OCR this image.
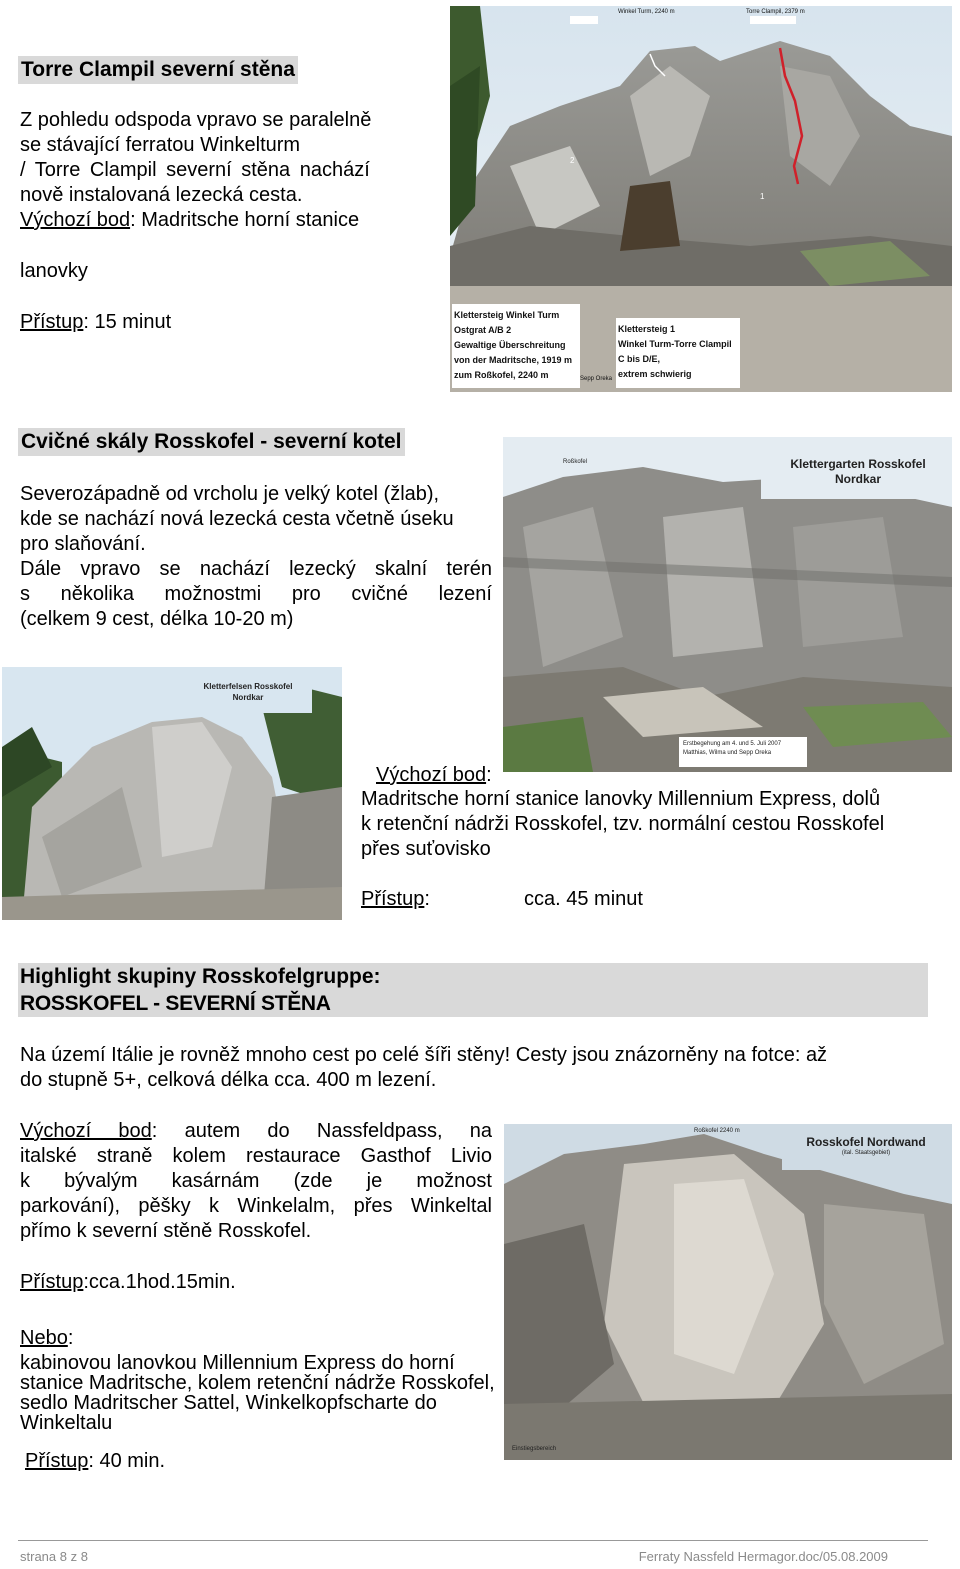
Torre Clampil severní stěna
Z pohledu odspoda vpravo se paralelně
se stávající ferratou Winkelturm
/ Torre Clampil severní stěna nachází
nově instalovaná lezecká cesta.
Výchozí bod: Madritsche horní stanice
lanovky
Přístup: 15 minut
Winkel Turm, 2240 m	Torre Clampil, 2379 m
2
1
Klettersteig Winkel Turm
Ostgrat A/B 2
Gewaltige Überschreitung
von der Madritsche, 1919 m
zum Roßkofel, 2240 m
Klettersteig 1
Winkel Turm-Torre Clampil
C bis D/E,
extrem schwierig
Sepp Oreka
Cvičné skály Rosskofel - severní kotel
Severozápadně od vrcholu je velký kotel (žlab),
kde se nachází nová lezecká cesta včetně úseku
pro slaňování.
Dále vpravo se nachází lezecký skalní terén
s několika možnostmi pro cvičné lezení
(celkem 9 cest, délka 10-20 m)
Klettergarten Rosskofel
Nordkar
Roßkofel
Erstbegehung am 4. und 5. Juli 2007
Matthias, Wilma und Sepp Oreka
Kletterfelsen Rosskofel
Nordkar
Výchozí bod:
Madritsche horní stanice lanovky Millennium Express, dolů
k retenční nádrži Rosskofel, tzv. normální cestou Rosskofel
přes suťovisko
Přístup:	cca. 45 minut
Highlight skupiny Rosskofelgruppe:
ROSSKOFEL - SEVERNÍ STĚNA
Na území Itálie je rovněž mnoho cest po celé šíři stěny! Cesty jsou znázorněny na fotce: až
do stupně 5+, celková délka cca. 400 m lezení.
Výchozí bod: autem do Nassfeldpass, na
italské straně kolem restaurace Gasthof Livio
k bývalým kasárnám (zde je možnost
parkování), pěšky k Winkelalm, přes Winkeltal
přímo k severní stěně Rosskofel.
Přístup:cca.1hod.15min.
Rosskofel Nordwand
(ital. Staatsgebiet)
Roßkofel 2240 m
Einstiegsbereich
Nebo:
kabinovou lanovkou Millennium Express do horní
stanice Madritsche, kolem retenční nádrže Rosskofel,
sedlo Madritscher Sattel, Winkelkopfscharte do
Winkeltalu
Přístup: 40 min.
strana 8 z 8	Ferraty Nassfeld Hermagor.doc/05.08.2009
